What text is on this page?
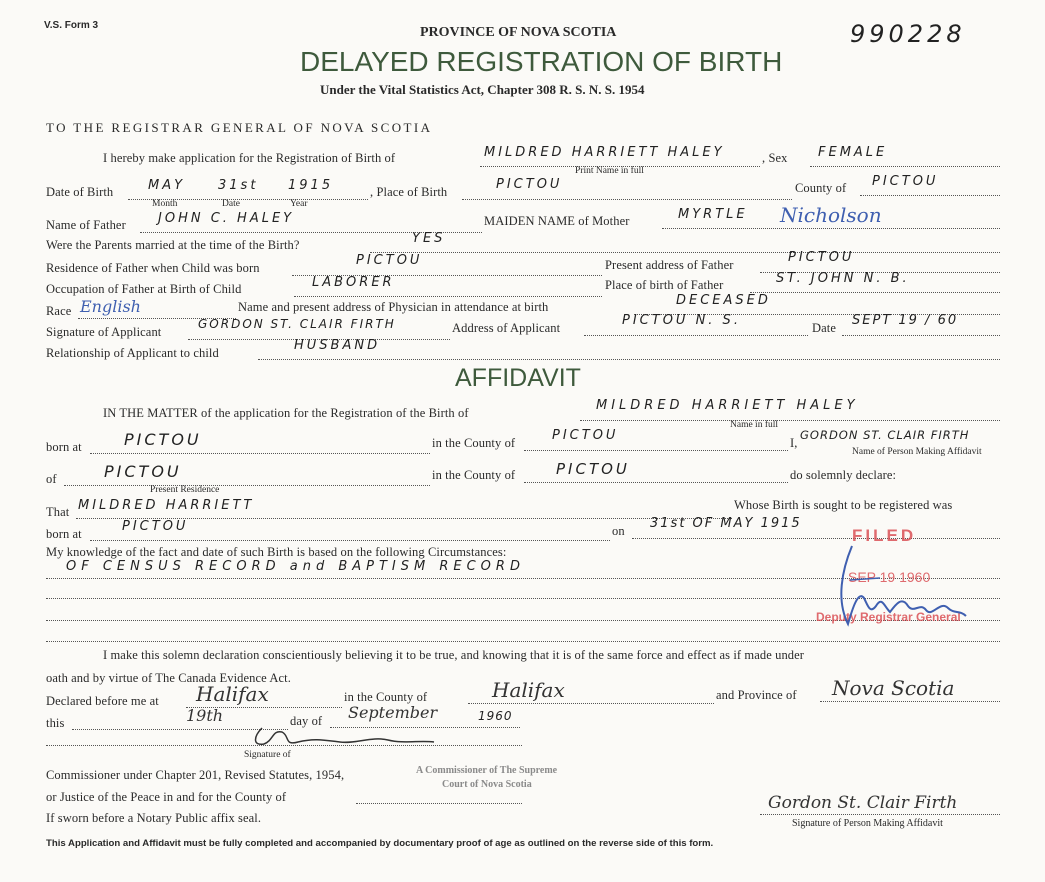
V.S. Form 3	PROVINCE OF NOVA SCOTIA	990228
DELAYED REGISTRATION OF BIRTH
Under the Vital Statistics Act, Chapter 308 R. S. N. S. 1954
TO THE REGISTRAR GENERAL OF NOVA SCOTIA
I hereby make application for the Registration of Birth of	MILDRED HARRIETT HALEY	, Sex FEMALE
Print Name in full
Date of Birth	MAY	31st 1915
Month	Date	Year
, Place of Birth	PICTOU	County of PICTOU
Name of Father JOHN C. HALEY	MAIDEN NAME of Mother	MYRTLE Nicholson
Were the Parents married at the time of the Birth?	YES
Residence of Father when Child was born	PICTOU	Present address of Father	PICTOU
Occupation of Father at Birth of Child	LABORER	Place of birth of Father	ST. JOHN N. B.
Race English	Name and present address of Physician in attendance at birth	DECEASED
Signature of Applicant
GORDON ST. CLAIR FIRTH	Address of Applicant	PICTOU N. S.	Date SEPT 19 / 60
Relationship of Applicant to child	HUSBAND
AFFIDAVIT
IN THE MATTER of the application for the Registration of the Birth of	MILDRED HARRIETT HALEY
Name in full
born at	PICTOU	in the County of	PICTOU	I,
GORDON ST. CLAIR FIRTH
Name of Person Making Affidavit
of	PICTOU
Present Residence
in the County of	PICTOU	do solemnly declare:
That MILDRED HARRIETT	Whose Birth is sought to be registered was
born at	PICTOU	on 31st OF MAY 1915
My knowledge of the fact and date of such Birth is based on the following Circumstances:
OF CENSUS RECORD and BAPTISM RECORD
FILED
SEP 19 1960
Deputy Registrar General
I make this solemn declaration conscientiously believing it to be true, and knowing that it is of the same force and effect as if made under
oath and by virtue of The Canada Evidence Act.
Declared before me at Halifax	in the County of	Halifax	and Province of Nova Scotia
this	19th	day of September	1960
Signature of
Commissioner under Chapter 201, Revised Statutes, 1954,	A Commissioner of The Supreme
Court of Nova Scotia
or Justice of the Peace in and for the County of
If sworn before a Notary Public affix seal.
Gordon St. Clair Firth
Signature of Person Making Affidavit
This Application and Affidavit must be fully completed and accompanied by documentary proof of age as outlined on the reverse side of this form.
